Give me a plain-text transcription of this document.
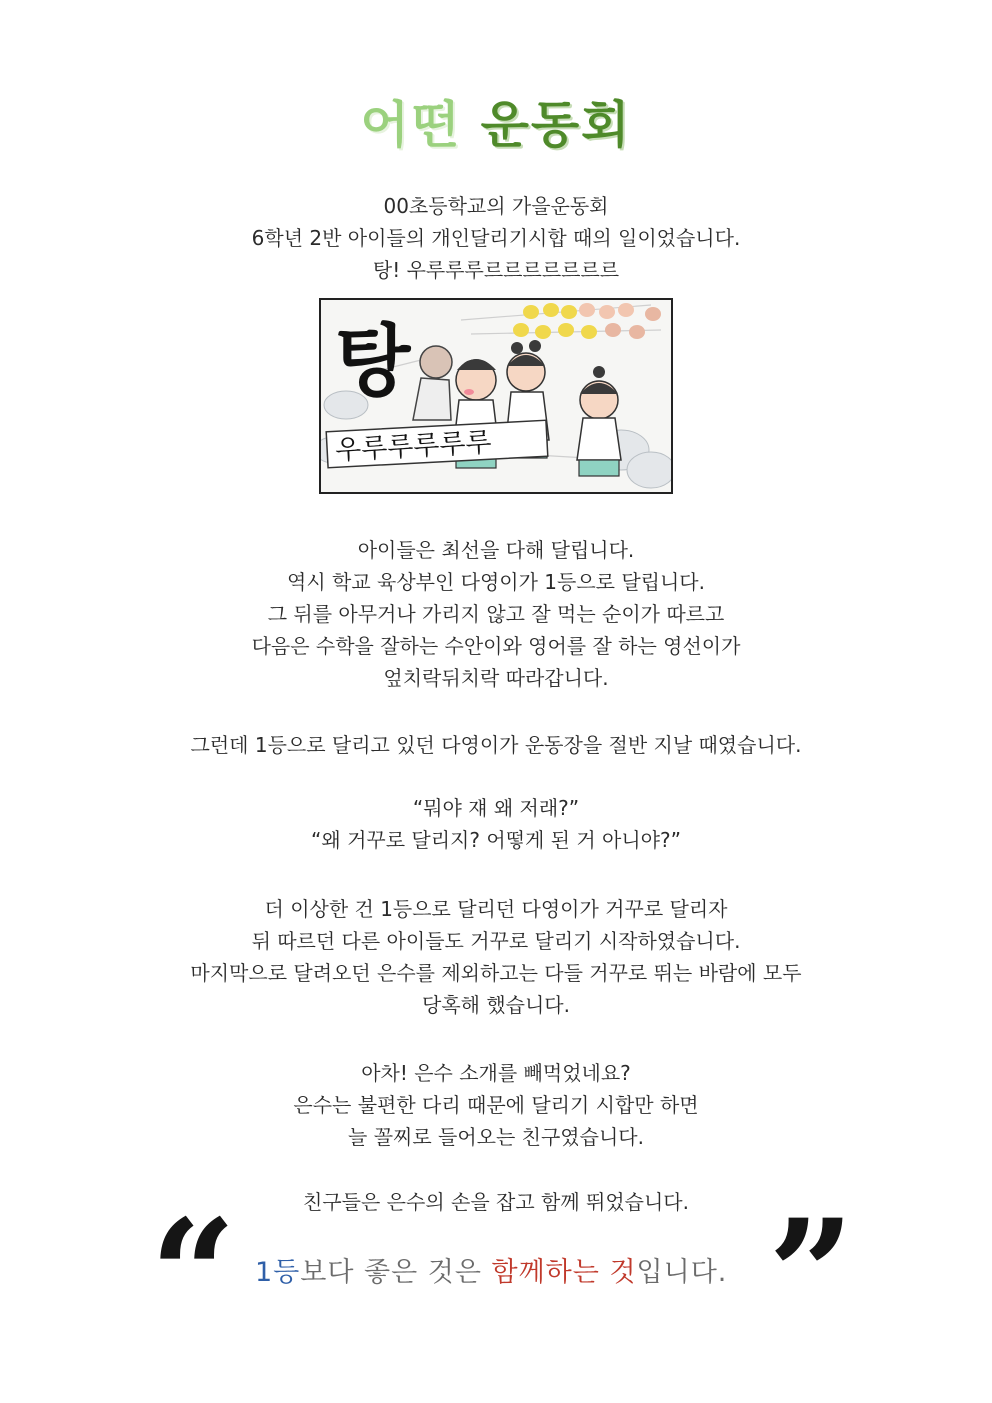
어떤 운동회
00초등학교의 가을운동회
6학년 2반 아이들의 개인달리기시합 때의 일이었습니다.
탕! 우루루루르르르르르르르
탕
우루루루루루
아이들은 최선을 다해 달립니다.
역시 학교 육상부인 다영이가 1등으로 달립니다.
그 뒤를 아무거나 가리지 않고 잘 먹는 순이가 따르고
다음은 수학을 잘하는 수안이와 영어를 잘 하는 영선이가
엎치락뒤치락 따라갑니다.
그런데 1등으로 달리고 있던 다영이가 운동장을 절반 지날 때였습니다.
“뭐야 쟤 왜 저래?”
“왜 거꾸로 달리지? 어떻게 된 거 아니야?”
더 이상한 건 1등으로 달리던 다영이가 거꾸로 달리자
뒤 따르던 다른 아이들도 거꾸로 달리기 시작하였습니다.
마지막으로 달려오던 은수를 제외하고는 다들 거꾸로 뛰는 바람에 모두
당혹해 했습니다.
아차! 은수 소개를 빼먹었네요?
은수는 불편한 다리 때문에 달리기 시합만 하면
늘 꼴찌로 들어오는 친구였습니다.
친구들은 은수의 손을 잡고 함께 뛰었습니다.
“ 1등보다 좋은 것은 함께하는 것입니다. ”
